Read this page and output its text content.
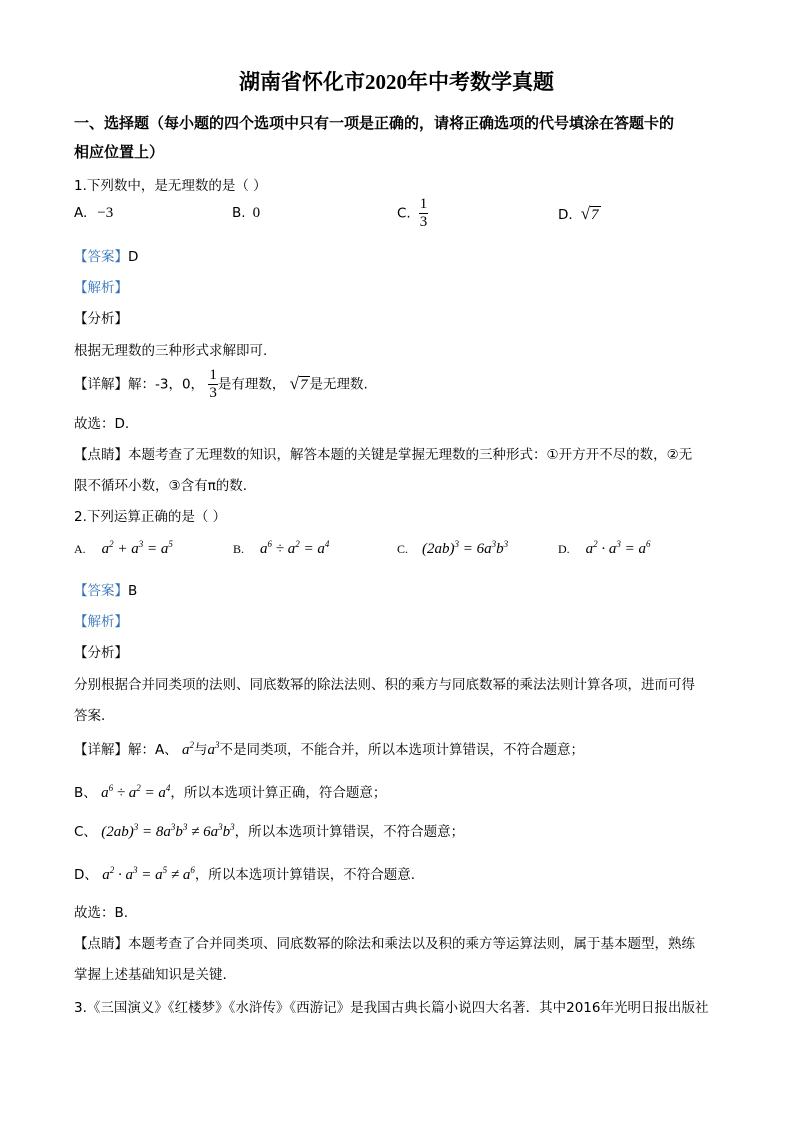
湖南省怀化市2020年中考数学真题
一、选择题（每小题的四个选项中只有一项是正确的，请将正确选项的代号填涂在答题卡的
相应位置上）
1.下列数中，是无理数的是（ ）
A. −3	B. 0	C. $\frac{1}{3}$	D. √7
【答案】D
【解析】
【分析】
根据无理数的三种形式求解即可.
【详解】解：-3，0， $\frac{1}{3}$ 是有理数， √7 是无理数.
故选：D.
【点睛】本题考查了无理数的知识，解答本题的关键是掌握无理数的三种形式：①开方开不尽的数，②无
限不循环小数，③含有π的数.
2.下列运算正确的是（ ）
A. $a^2 + a^3 = a^5$	B. $a^6 \div a^2 = a^4$	C. $(2ab)^3 = 6a^3b^3$	D. $a^2 \cdot a^3 = a^6$
【答案】B
【解析】
【分析】
分别根据合并同类项的法则、同底数幂的除法法则、积的乘方与同底数幂的乘法法则计算各项，进而可得
答案.
【详解】解：A、 $a^2$与$a^3$不是同类项，不能合并，所以本选项计算错误，不符合题意；
B、 $a^6 \div a^2 = a^4$，所以本选项计算正确，符合题意；
C、 $(2ab)^3 = 8a^3b^3 \ne 6a^3b^3$，所以本选项计算错误，不符合题意；
D、 $a^2 \cdot a^3 = a^5 \ne a^6$，所以本选项计算错误，不符合题意.
故选：B.
【点睛】本题考查了合并同类项、同底数幂的除法和乘法以及积的乘方等运算法则，属于基本题型，熟练
掌握上述基础知识是关键.
3.《三国演义》《红楼梦》《水浒传》《西游记》是我国古典长篇小说四大名著．其中2016年光明日报出版社
